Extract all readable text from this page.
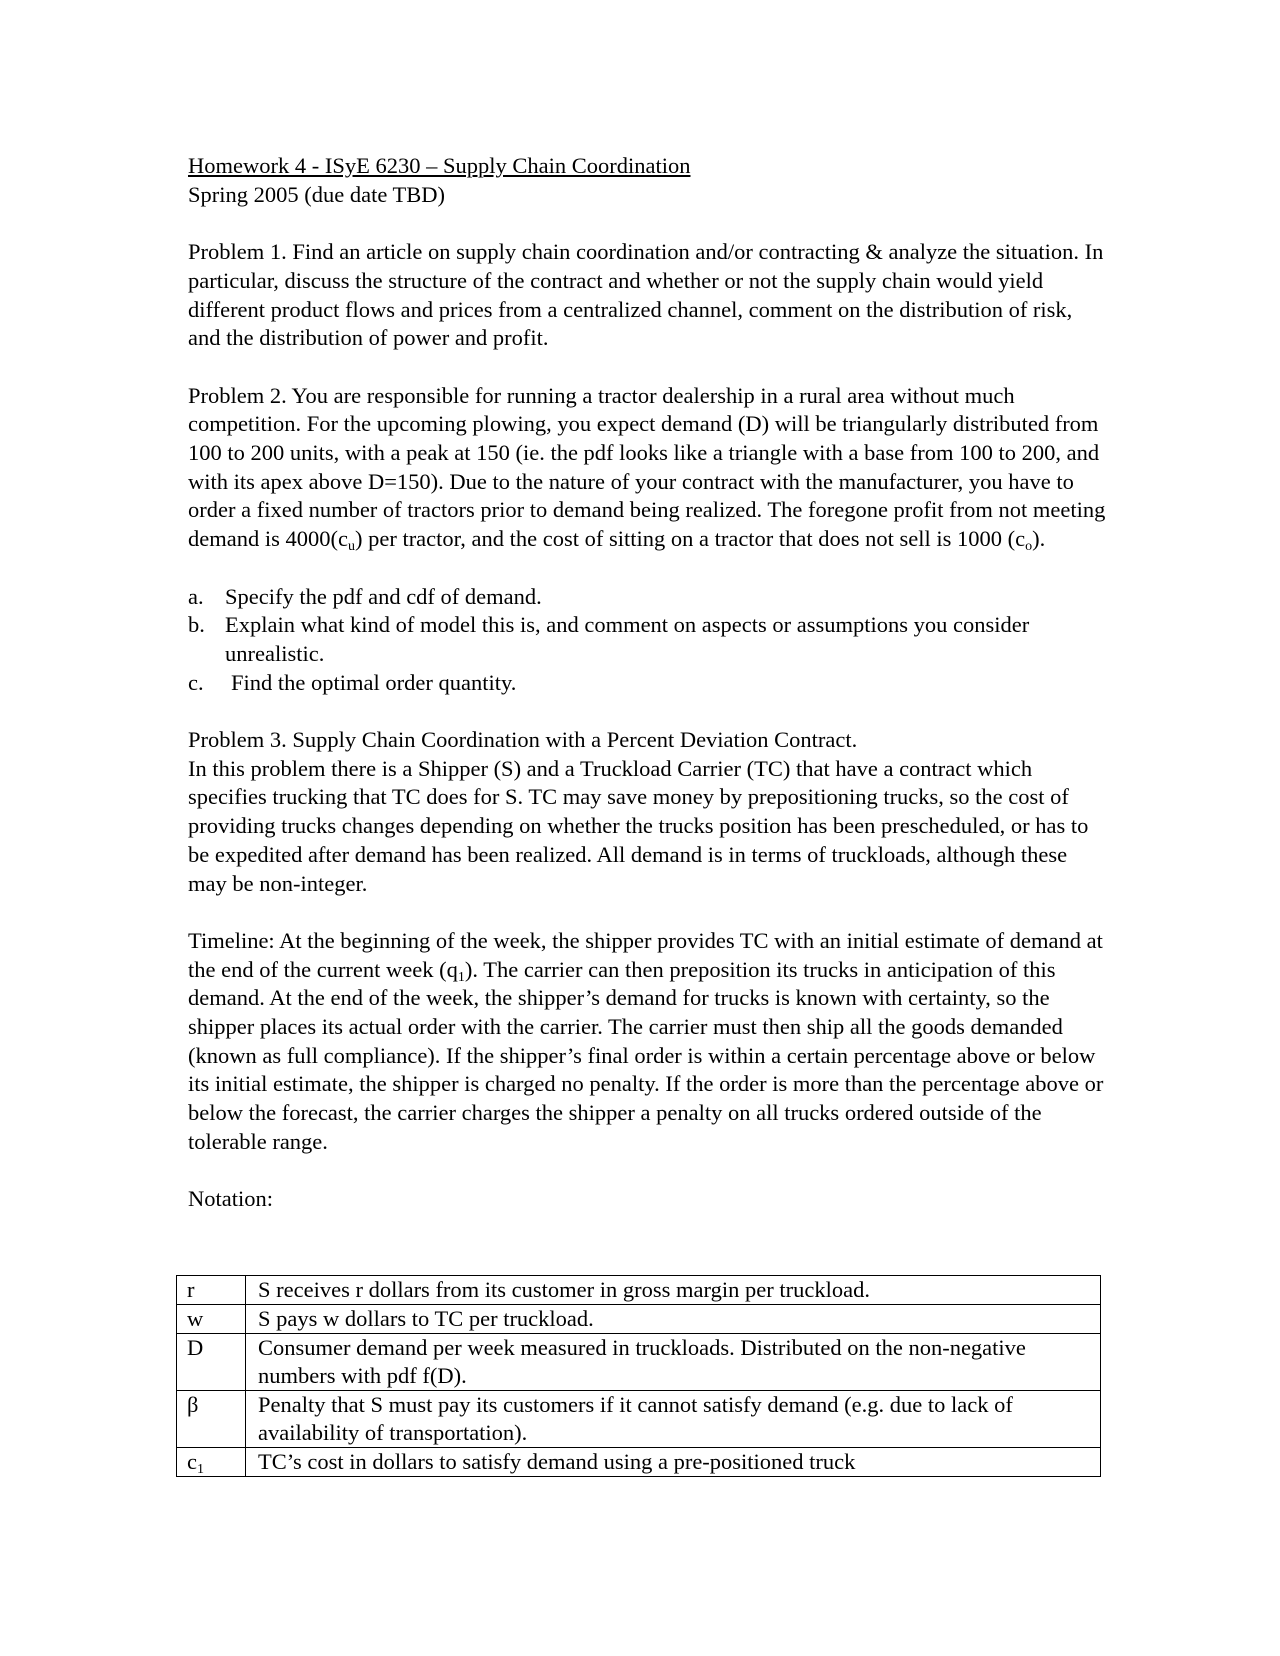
Homework 4 - ISyE 6230 – Supply Chain Coordination

Spring 2005 (due date TBD)

Problem 1. Find an article on supply chain coordination and/or contracting & analyze the situation. In particular, discuss the structure of the contract and whether or not the supply chain would yield different product flows and prices from a centralized channel, comment on the distribution of risk, and the distribution of power and profit.

Problem 2. You are responsible for running a tractor dealership in a rural area without much competition. For the upcoming plowing, you expect demand (D) will be triangularly distributed from 100 to 200 units, with a peak at 150 (ie. the pdf looks like a triangle with a base from 100 to 200, and with its apex above D=150). Due to the nature of your contract with the manufacturer, you have to order a fixed number of tractors prior to demand being realized. The foregone profit from not meeting demand is $4000(c_u)$ per tractor, and the cost of sitting on a tractor that does not sell is 1000 $(c_o)$.

a. Specify the pdf and cdf of demand.
b. Explain what kind of model this is, and comment on aspects or assumptions you consider unrealistic.
c.	Find the optimal order quantity.

Problem 3. Supply Chain Coordination with a Percent Deviation Contract.

In this problem there is a Shipper (S) and a Truckload Carrier (TC) that have a contract which specifies trucking that TC does for S. TC may save money by prepositioning trucks, so the cost of providing trucks changes depending on whether the trucks position has been prescheduled, or has to be expedited after demand has been realized. All demand is in terms of truckloads, although these may be non-integer.

Timeline: At the beginning of the week, the shipper provides TC with an initial estimate of demand at the end of the current week $(q_1)$. The carrier can then preposition its trucks in anticipation of this demand. At the end of the week, the shipper’s demand for trucks is known with certainty, so the shipper places its actual order with the carrier. The carrier must then ship all the goods demanded (known as full compliance). If the shipper’s final order is within a certain percentage above or below its initial estimate, the shipper is charged no penalty. If the order is more than the percentage above or below the forecast, the carrier charges the shipper a penalty on all trucks ordered outside of the tolerable range.

Notation:

r	S receives r dollars from its customer in gross margin per truckload.
w	S pays w dollars to TC per truckload.
D	Consumer demand per week measured in truckloads. Distributed on the non-negative numbers with pdf f(D).
β	Penalty that S must pay its customers if it cannot satisfy demand (e.g. due to lack of availability of transportation).
$c_1$	TC’s cost in dollars to satisfy demand using a pre-positioned truck
